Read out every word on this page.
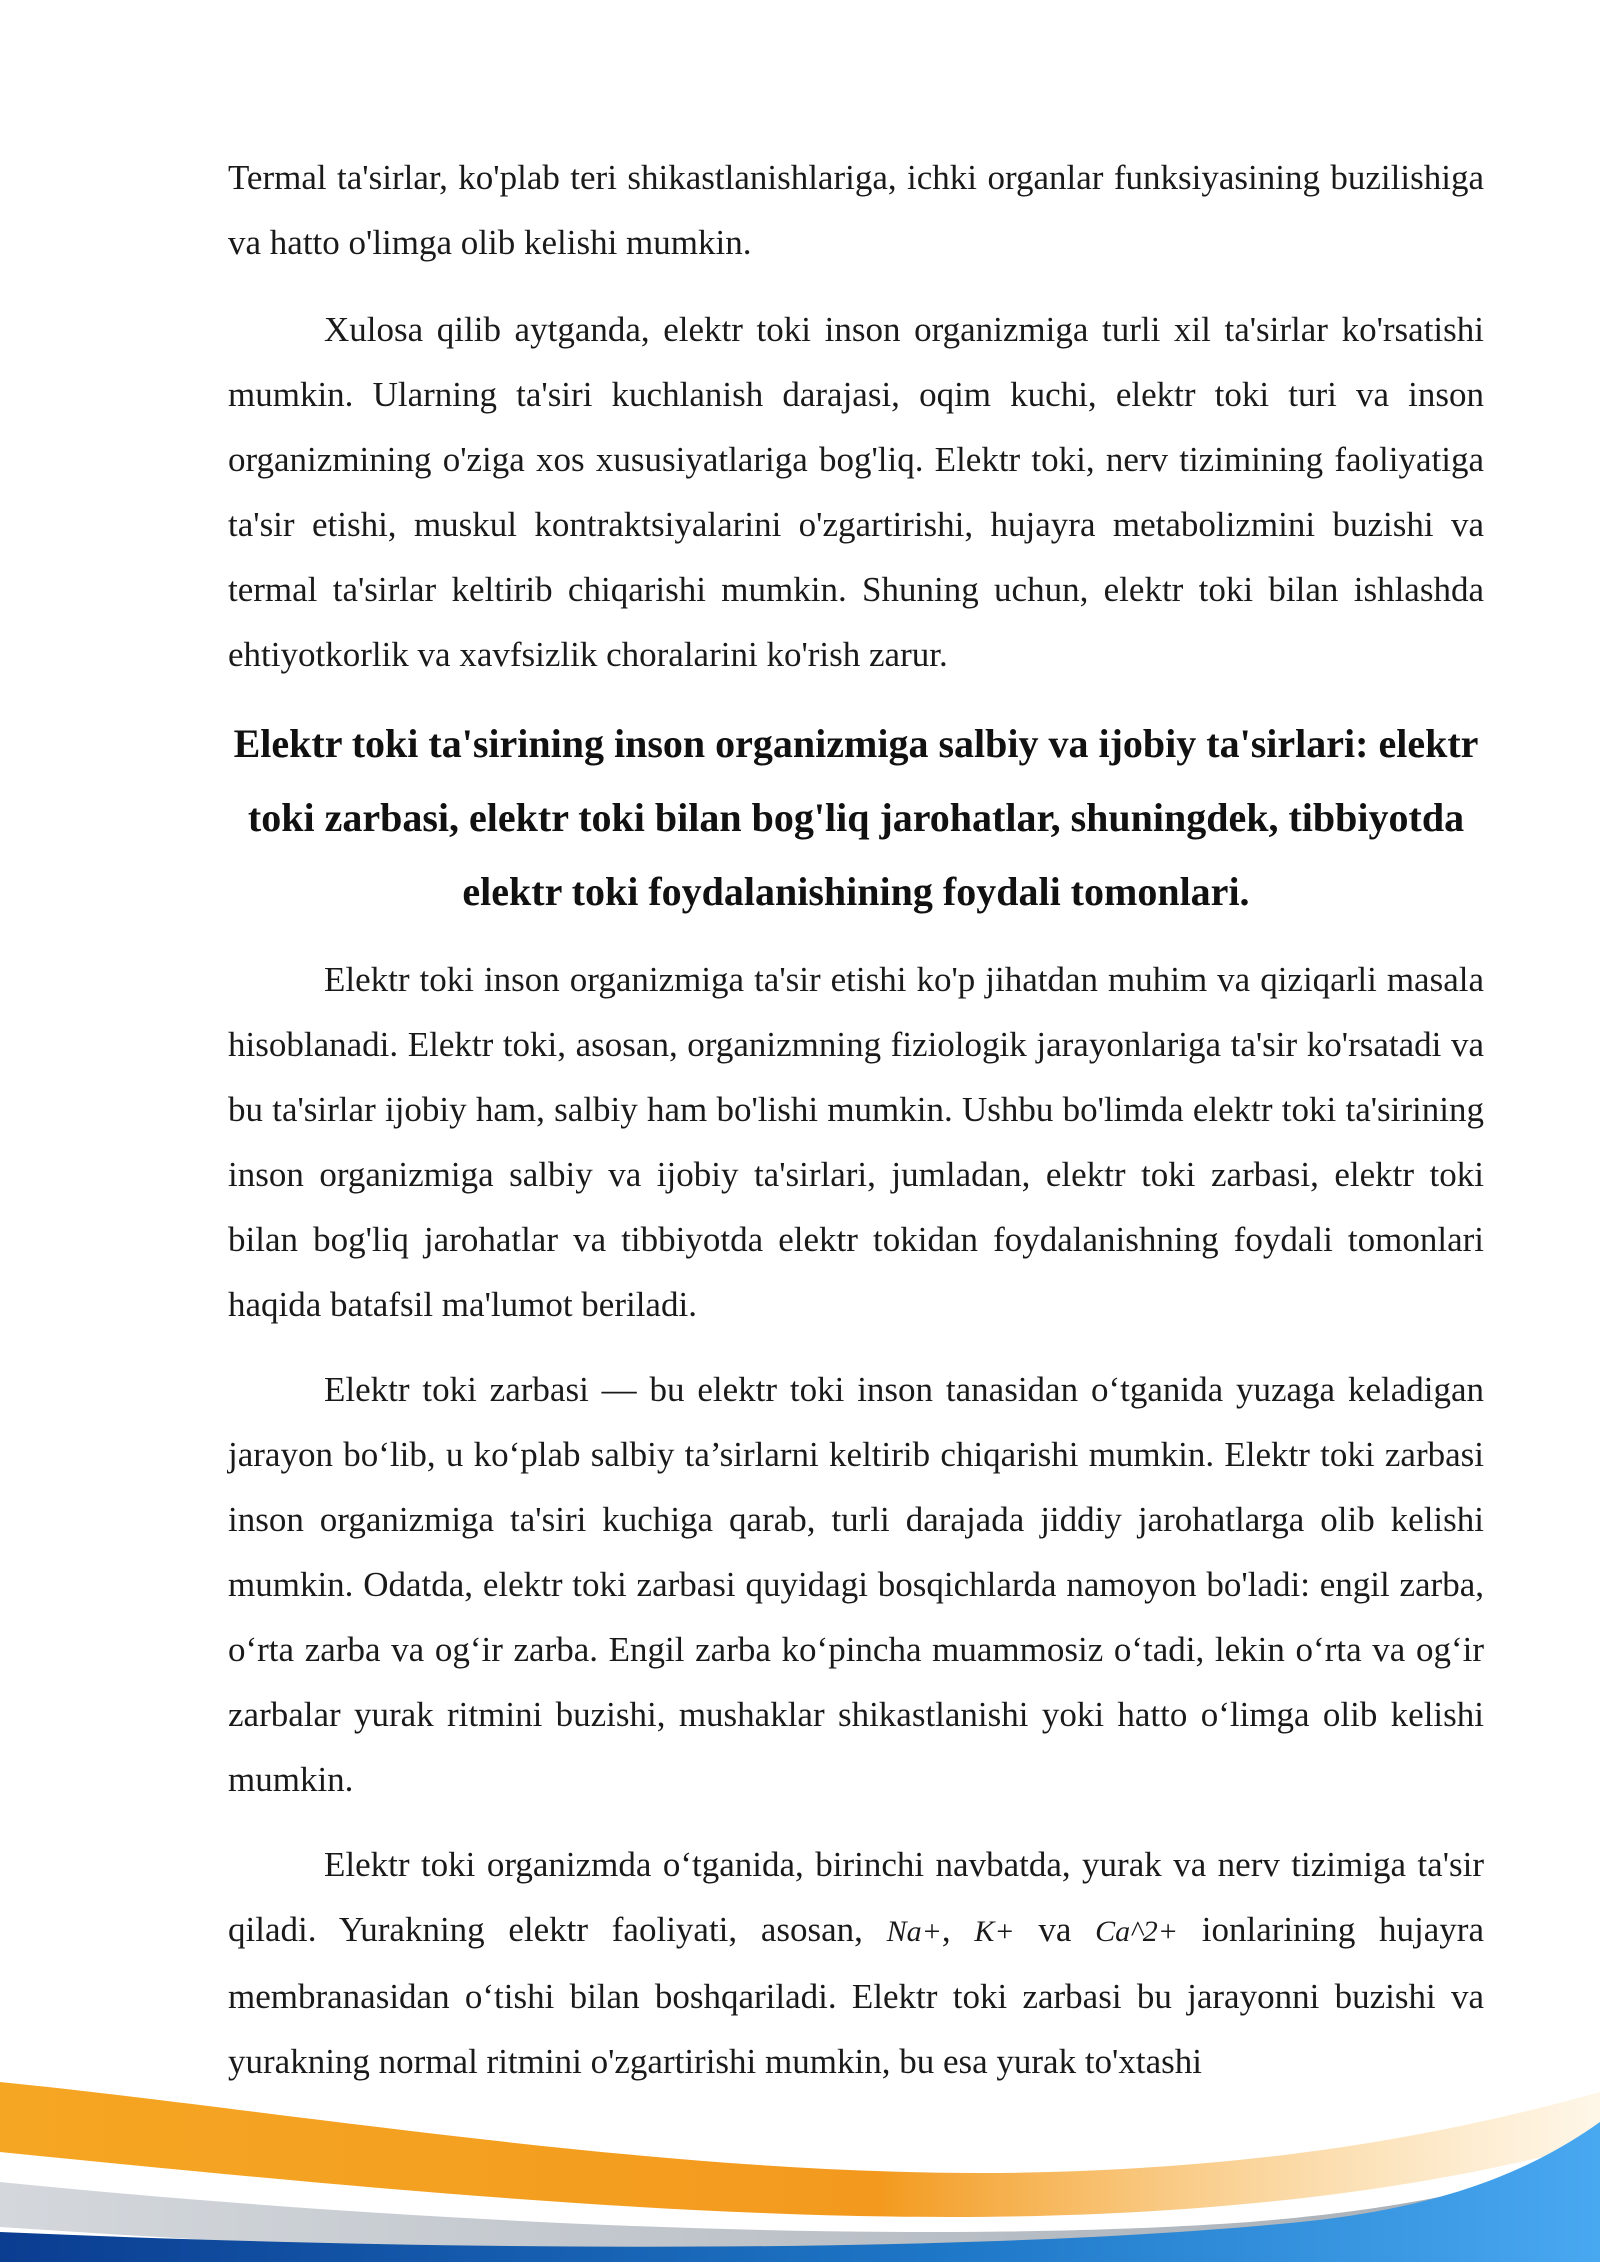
Termal ta'sirlar, ko'plab teri shikastlanishlariga, ichki organlar funksiyasining buzilishiga va hatto o'limga olib kelishi mumkin.

Xulosa qilib aytganda, elektr toki inson organizmiga turli xil ta'sirlar ko'rsatishi mumkin. Ularning ta'siri kuchlanish darajasi, oqim kuchi, elektr toki turi va inson organizmining o'ziga xos xususiyatlariga bog'liq. Elektr toki, nerv tizimining faoliyatiga ta'sir etishi, muskul kontraktsiyalarini o'zgartirishi, hujayra metabolizmini buzishi va termal ta'sirlar keltirib chiqarishi mumkin. Shuning uchun, elektr toki bilan ishlashda ehtiyotkorlik va xavfsizlik choralarini ko'rish zarur.

Elektr toki ta'sirining inson organizmiga salbiy va ijobiy ta'sirlari: elektr toki zarbasi, elektr toki bilan bog'liq jarohatlar, shuningdek, tibbiyotda elektr toki foydalanishining foydali tomonlari.

Elektr toki inson organizmiga ta'sir etishi ko'p jihatdan muhim va qiziqarli masala hisoblanadi. Elektr toki, asosan, organizmning fiziologik jarayonlariga ta'sir ko'rsatadi va bu ta'sirlar ijobiy ham, salbiy ham bo'lishi mumkin. Ushbu bo'limda elektr toki ta'sirining inson organizmiga salbiy va ijobiy ta'sirlari, jumladan, elektr toki zarbasi, elektr toki bilan bog'liq jarohatlar va tibbiyotda elektr tokidan foydalanishning foydali tomonlari haqida batafsil ma'lumot beriladi.

Elektr toki zarbasi — bu elektr toki inson tanasidan o‘tganida yuzaga keladigan jarayon bo‘lib, u ko‘plab salbiy ta’sirlarni keltirib chiqarishi mumkin. Elektr toki zarbasi inson organizmiga ta'siri kuchiga qarab, turli darajada jiddiy jarohatlarga olib kelishi mumkin. Odatda, elektr toki zarbasi quyidagi bosqichlarda namoyon bo'ladi: engil zarba, o‘rta zarba va og‘ir zarba. Engil zarba ko‘pincha muammosiz o‘tadi, lekin o‘rta va og‘ir zarbalar yurak ritmini buzishi, mushaklar shikastlanishi yoki hatto o‘limga olib kelishi mumkin.

Elektr toki organizmda o‘tganida, birinchi navbatda, yurak va nerv tizimiga ta'sir qiladi. Yurakning elektr faoliyati, asosan, Na+, K+ va Ca^2+ ionlarining hujayra membranasidan o‘tishi bilan boshqariladi. Elektr toki zarbasi bu jarayonni buzishi va yurakning normal ritmini o'zgartirishi mumkin, bu esa yurak to'xtashi
